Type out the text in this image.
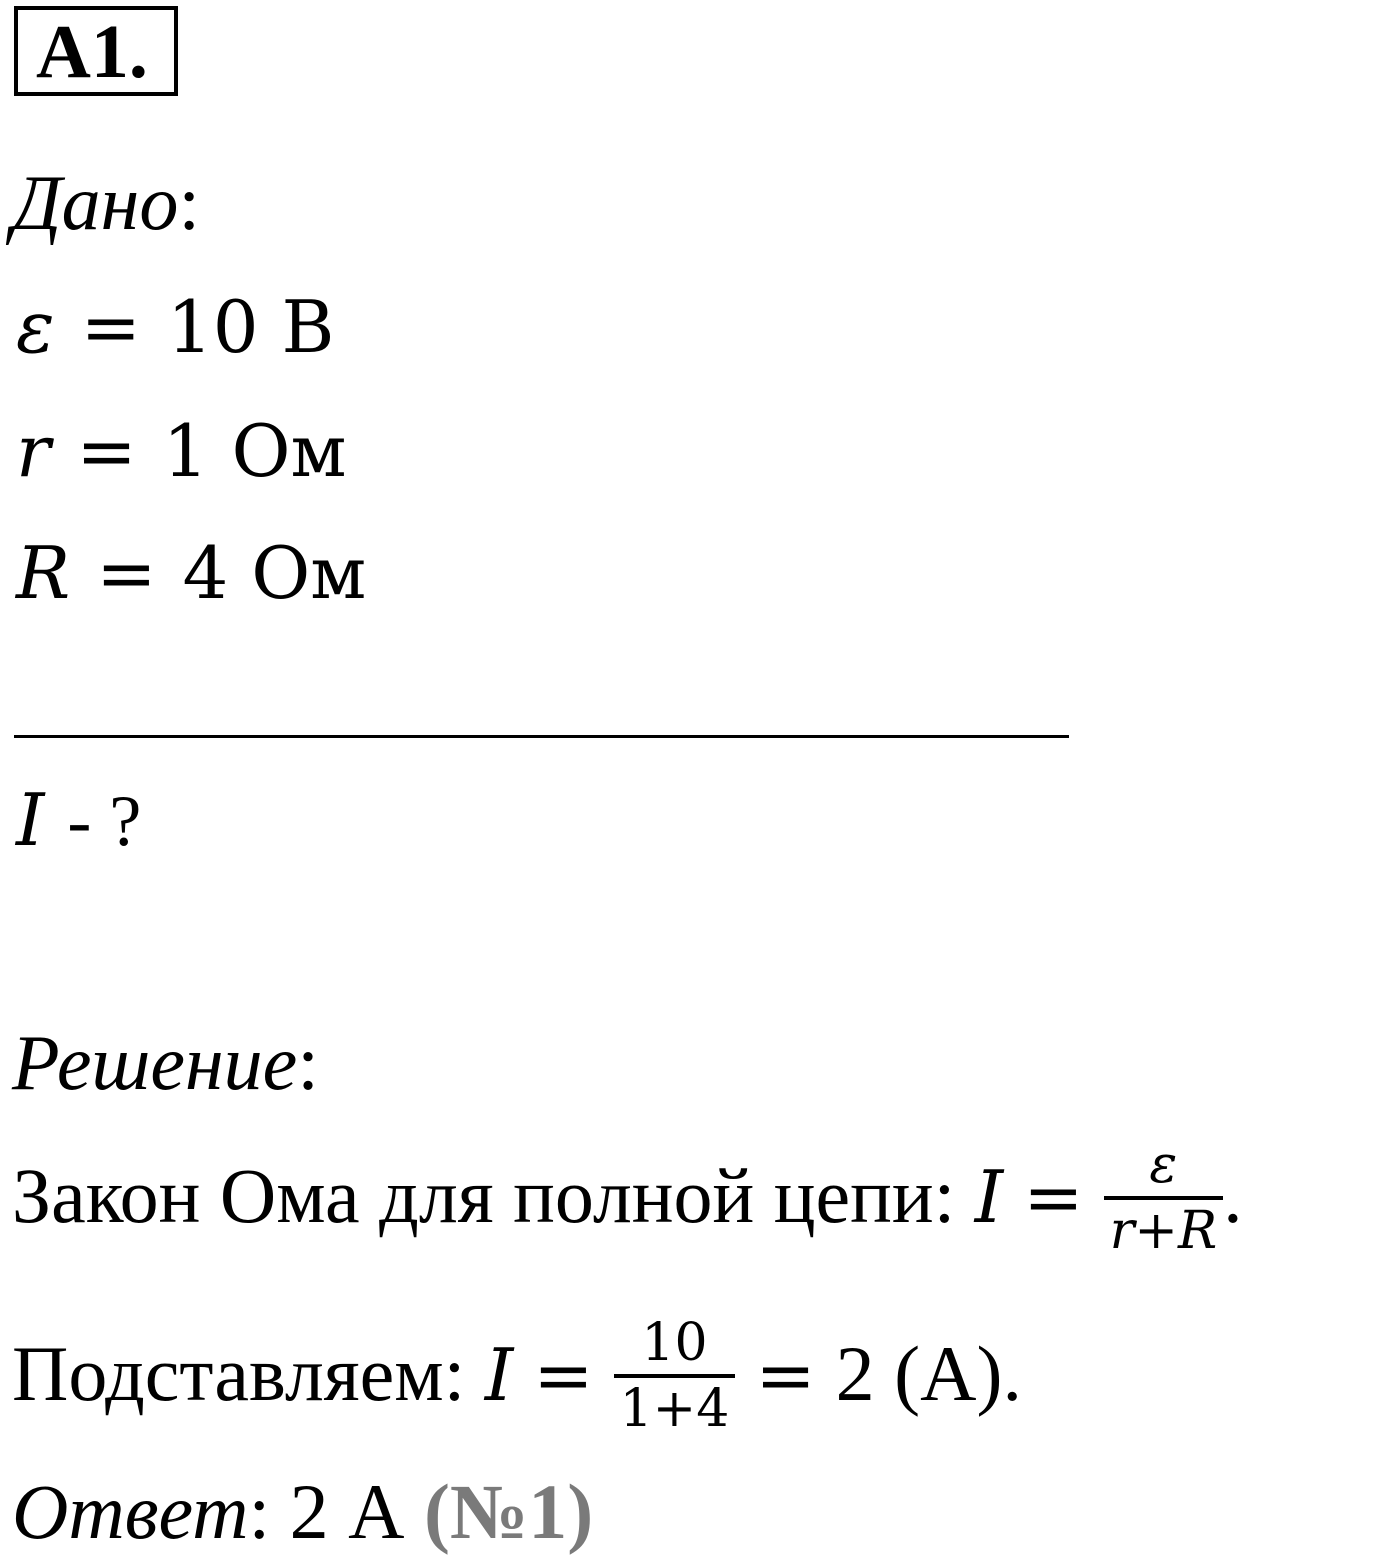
A1.
Дано:
ε = 10 В
r = 1 Ом
R = 4 Ом
I - ?
Решение:
Закон Ома для полной цепи: $I = \frac{\varepsilon}{r+R}$ .
Подставляем: $I = \frac{10}{1+4} = 2$ (А).
Ответ: 2 А (№1)
